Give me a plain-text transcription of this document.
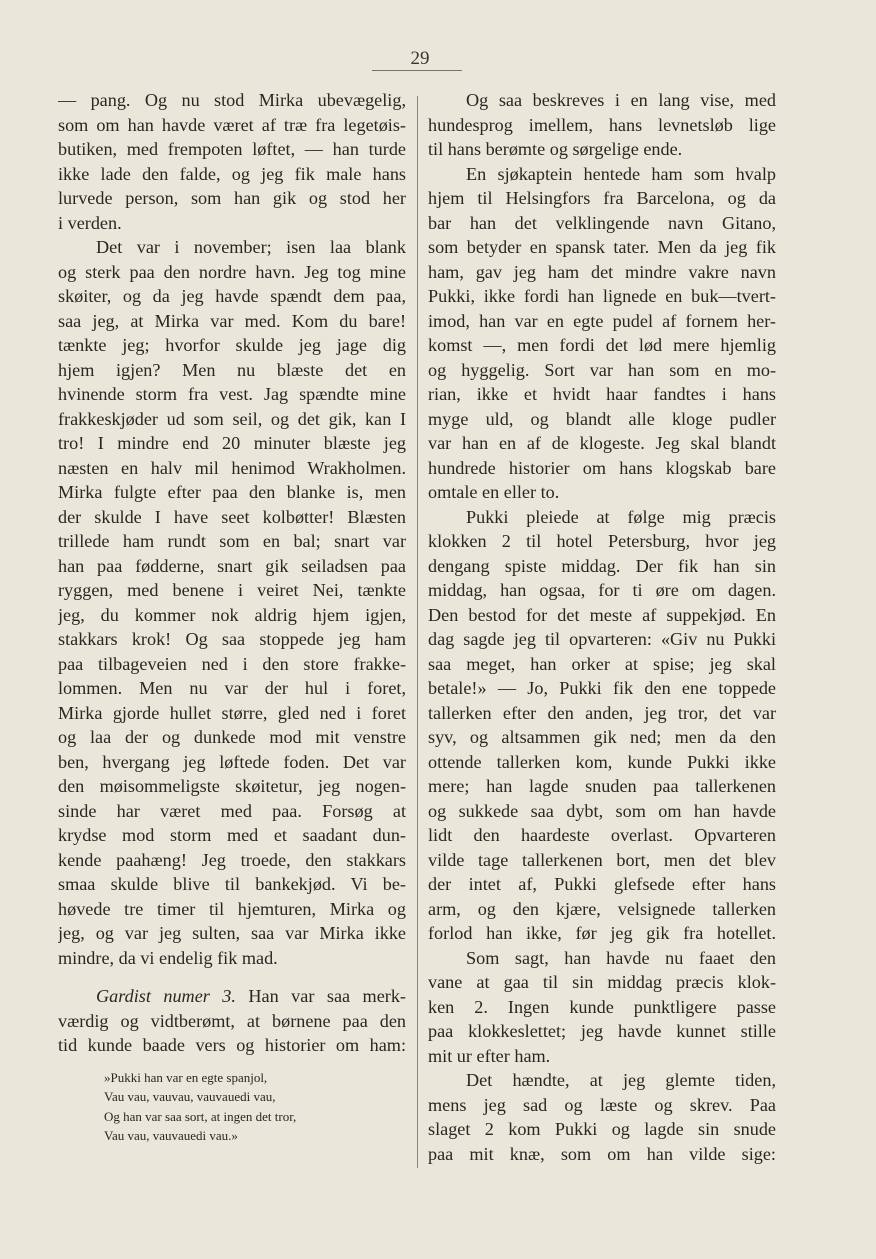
29
— pang. Og nu stod Mirka ubevægelig,
som om han havde været af træ fra legetøis-
butiken, med frempoten løftet, — han turde
ikke lade den falde, og jeg fik male hans
lurvede person, som han gik og stod her
i verden.
Det var i november; isen laa blank
og sterk paa den nordre havn. Jeg tog mine
skøiter, og da jeg havde spændt dem paa,
saa jeg, at Mirka var med. Kom du bare!
tænkte jeg; hvorfor skulde jeg jage dig
hjem igjen? Men nu blæste det en
hvinende storm fra vest. Jag spændte mine
frakkeskjøder ud som seil, og det gik, kan I
tro! I mindre end 20 minuter blæste jeg
næsten en halv mil henimod Wrakholmen.
Mirka fulgte efter paa den blanke is, men
der skulde I have seet kolbøtter! Blæsten
trillede ham rundt som en bal; snart var
han paa fødderne, snart gik seiladsen paa
ryggen, med benene i veiret Nei, tænkte
jeg, du kommer nok aldrig hjem igjen,
stakkars krok! Og saa stoppede jeg ham
paa tilbageveien ned i den store frakke-
lommen. Men nu var der hul i foret,
Mirka gjorde hullet større, gled ned i foret
og laa der og dunkede mod mit venstre
ben, hvergang jeg løftede foden. Det var
den møisommeligste skøitetur, jeg nogen-
sinde har været med paa. Forsøg at
krydse mod storm med et saadant dun-
kende paahæng! Jeg troede, den stakkars
smaa skulde blive til bankekjød. Vi be-
høvede tre timer til hjemturen, Mirka og
jeg, og var jeg sulten, saa var Mirka ikke
mindre, da vi endelig fik mad.
Gardist numer 3. Han var saa merk-
værdig og vidtberømt, at børnene paa den
tid kunde baade vers og historier om ham:
»Pukki han var en egte spanjol,
Vau vau, vauvau, vauvauedi vau,
Og han var saa sort, at ingen det tror,
Vau vau, vauvauedi vau.»
Og saa beskreves i en lang vise, med
hundesprog imellem, hans levnetsløb lige
til hans berømte og sørgelige ende.
En sjøkaptein hentede ham som hvalp
hjem til Helsingfors fra Barcelona, og da
bar han det velklingende navn Gitano,
som betyder en spansk tater. Men da jeg fik
ham, gav jeg ham det mindre vakre navn
Pukki, ikke fordi han lignede en buk—tvert-
imod, han var en egte pudel af fornem her-
komst —, men fordi det lød mere hjemlig
og hyggelig. Sort var han som en mo-
rian, ikke et hvidt haar fandtes i hans
myge uld, og blandt alle kloge pudler
var han en af de klogeste. Jeg skal blandt
hundrede historier om hans klogskab bare
omtale en eller to.
Pukki pleiede at følge mig præcis
klokken 2 til hotel Petersburg, hvor jeg
dengang spiste middag. Der fik han sin
middag, han ogsaa, for ti øre om dagen.
Den bestod for det meste af suppekjød. En
dag sagde jeg til opvarteren: «Giv nu Pukki
saa meget, han orker at spise; jeg skal
betale!» — Jo, Pukki fik den ene toppede
tallerken efter den anden, jeg tror, det var
syv, og altsammen gik ned; men da den
ottende tallerken kom, kunde Pukki ikke
mere; han lagde snuden paa tallerkenen
og sukkede saa dybt, som om han havde
lidt den haardeste overlast. Opvarteren
vilde tage tallerkenen bort, men det blev
der intet af, Pukki glefsede efter hans
arm, og den kjære, velsignede tallerken
forlod han ikke, før jeg gik fra hotellet.
Som sagt, han havde nu faaet den
vane at gaa til sin middag præcis klok-
ken 2. Ingen kunde punktligere passe
paa klokkeslettet; jeg havde kunnet stille
mit ur efter ham.
Det hændte, at jeg glemte tiden,
mens jeg sad og læste og skrev. Paa
slaget 2 kom Pukki og lagde sin snude
paa mit knæ, som om han vilde sige:
